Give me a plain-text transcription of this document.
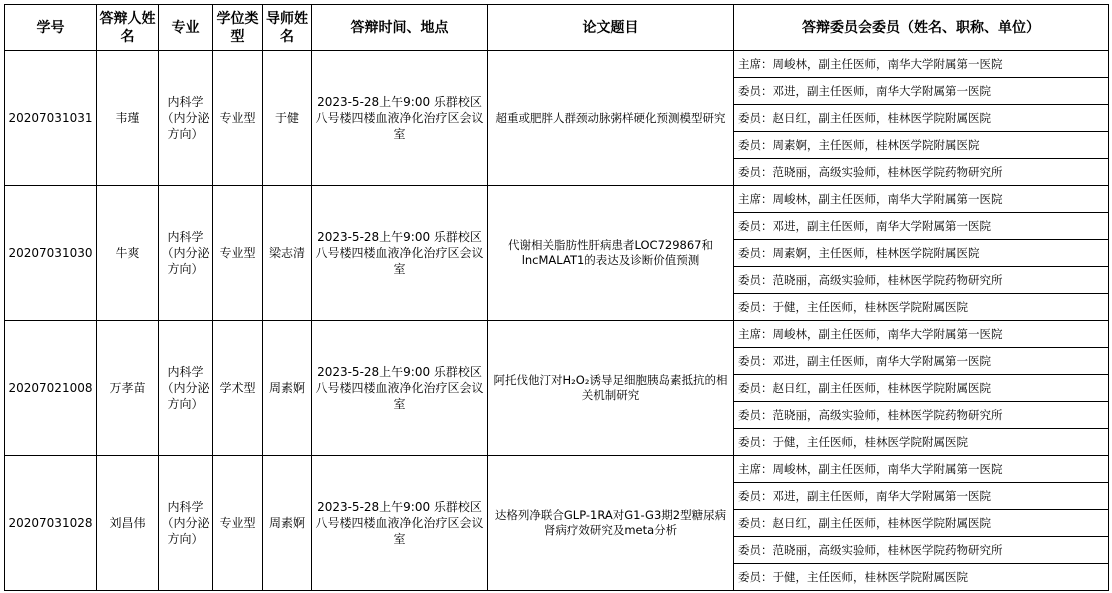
学号	答辩人姓名	专业	学位类型	导师姓名	答辩时间、地点	论文题目	答辩委员会委员（姓名、职称、单位）
20207031031	韦瑾	内科学（内分泌方向）	专业型	于健	2023-5-28上午9:00 乐群校区八号楼四楼血液净化治疗区会议室	超重或肥胖人群颈动脉粥样硬化预测模型研究	主席：周峻林，副主任医师，南华大学附属第一医院
							委员：邓进，副主任医师，南华大学附属第一医院
							委员：赵日红，副主任医师，桂林医学院附属医院
							委员：周素婀，主任医师，桂林医学院附属医院
							委员：范晓丽，高级实验师，桂林医学院药物研究所
20207031030	牛爽	内科学（内分泌方向）	专业型	梁志清	2023-5-28上午9:00 乐群校区八号楼四楼血液净化治疗区会议室	代谢相关脂肪性肝病患者LOC729867和lncMALAT1的表达及诊断价值预测	主席：周峻林，副主任医师，南华大学附属第一医院
							委员：邓进，副主任医师，南华大学附属第一医院
							委员：周素婀，主任医师，桂林医学院附属医院
							委员：范晓丽，高级实验师，桂林医学院药物研究所
							委员：于健，主任医师，桂林医学院附属医院
20207021008	万孝苗	内科学（内分泌方向）	学术型	周素婀	2023-5-28上午9:00 乐群校区八号楼四楼血液净化治疗区会议室	阿托伐他汀对H₂O₂诱导足细胞胰岛素抵抗的相关机制研究	主席：周峻林，副主任医师，南华大学附属第一医院
							委员：邓进，副主任医师，南华大学附属第一医院
							委员：赵日红，副主任医师，桂林医学院附属医院
							委员：范晓丽，高级实验师，桂林医学院药物研究所
							委员：于健，主任医师，桂林医学院附属医院
20207031028	刘昌伟	内科学（内分泌方向）	专业型	周素婀	2023-5-28上午9:00 乐群校区八号楼四楼血液净化治疗区会议室	达格列净联合GLP-1RA对G1-G3期2型糖尿病肾病疗效研究及meta分析	主席：周峻林，副主任医师，南华大学附属第一医院
							委员：邓进，副主任医师，南华大学附属第一医院
							委员：赵日红，副主任医师，桂林医学院附属医院
							委员：范晓丽，高级实验师，桂林医学院药物研究所
							委员：于健，主任医师，桂林医学院附属医院
